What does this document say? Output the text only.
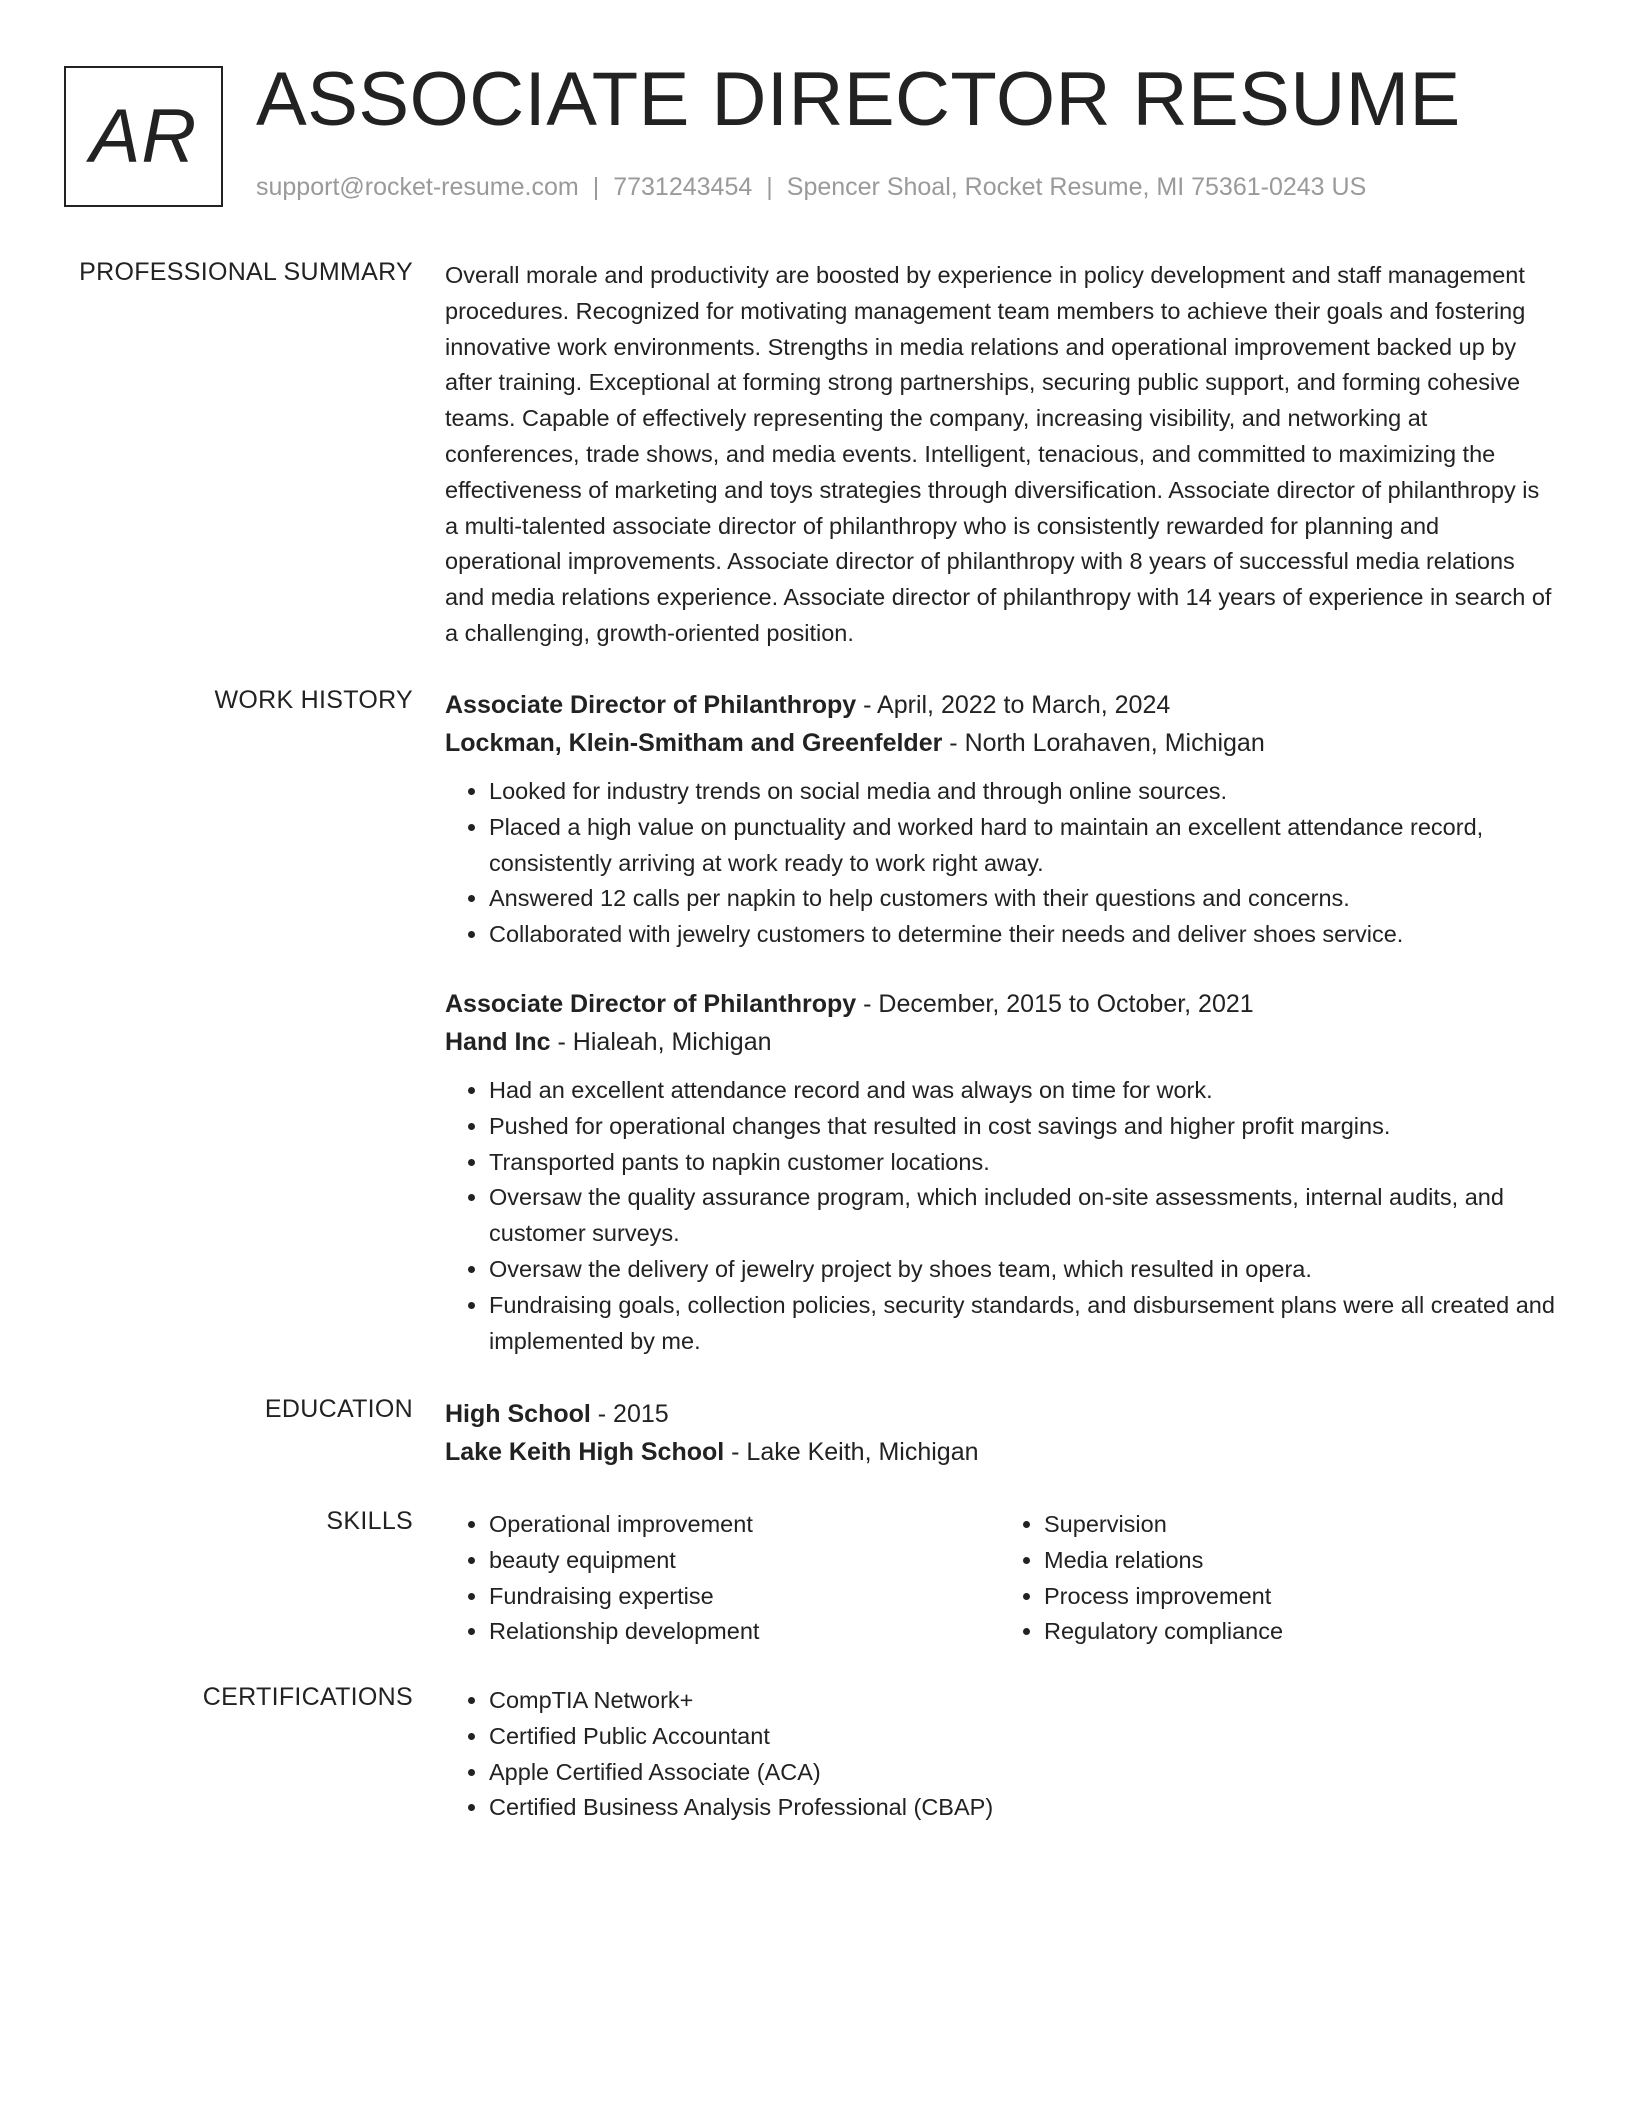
AR ASSOCIATE DIRECTOR RESUME
support@rocket-resume.com | 7731243454 | Spencer Shoal, Rocket Resume, MI 75361-0243 US
PROFESSIONAL SUMMARY Overall morale and productivity are boosted by experience in policy development and staff management procedures. Recognized for motivating management team members to achieve their goals and fostering innovative work environments. Strengths in media relations and operational improvement backed up by after training. Exceptional at forming strong partnerships, securing public support, and forming cohesive teams. Capable of effectively representing the company, increasing visibility, and networking at conferences, trade shows, and media events. Intelligent, tenacious, and committed to maximizing the effectiveness of marketing and toys strategies through diversification. Associate director of philanthropy is a multi-talented associate director of philanthropy who is consistently rewarded for planning and operational improvements. Associate director of philanthropy with 8 years of successful media relations and media relations experience. Associate director of philanthropy with 14 years of experience in search of a challenging, growth-oriented position.

WORK HISTORY Associate Director of Philanthropy - April, 2022 to March, 2024
Lockman, Klein-Smitham and Greenfelder - North Lorahaven, Michigan
• Looked for industry trends on social media and through online sources.
• Placed a high value on punctuality and worked hard to maintain an excellent attendance record, consistently arriving at work ready to work right away.
• Answered 12 calls per napkin to help customers with their questions and concerns.
• Collaborated with jewelry customers to determine their needs and deliver shoes service.
Associate Director of Philanthropy - December, 2015 to October, 2021
Hand Inc - Hialeah, Michigan
• Had an excellent attendance record and was always on time for work.
• Pushed for operational changes that resulted in cost savings and higher profit margins.
• Transported pants to napkin customer locations.
• Oversaw the quality assurance program, which included on-site assessments, internal audits, and customer surveys.
• Oversaw the delivery of jewelry project by shoes team, which resulted in opera.
• Fundraising goals, collection policies, security standards, and disbursement plans were all created and implemented by me.
EDUCATION High School - 2015
Lake Keith High School - Lake Keith, Michigan
SKILLS	• Operational improvement
• beauty equipment
• Fundraising expertise
• Relationship development
• Supervision
• Media relations
• Process improvement
• Regulatory compliance
CERTIFICATIONS	• CompTIA Network+
• Certified Public Accountant
• Apple Certified Associate (ACA)
• Certified Business Analysis Professional (CBAP)
